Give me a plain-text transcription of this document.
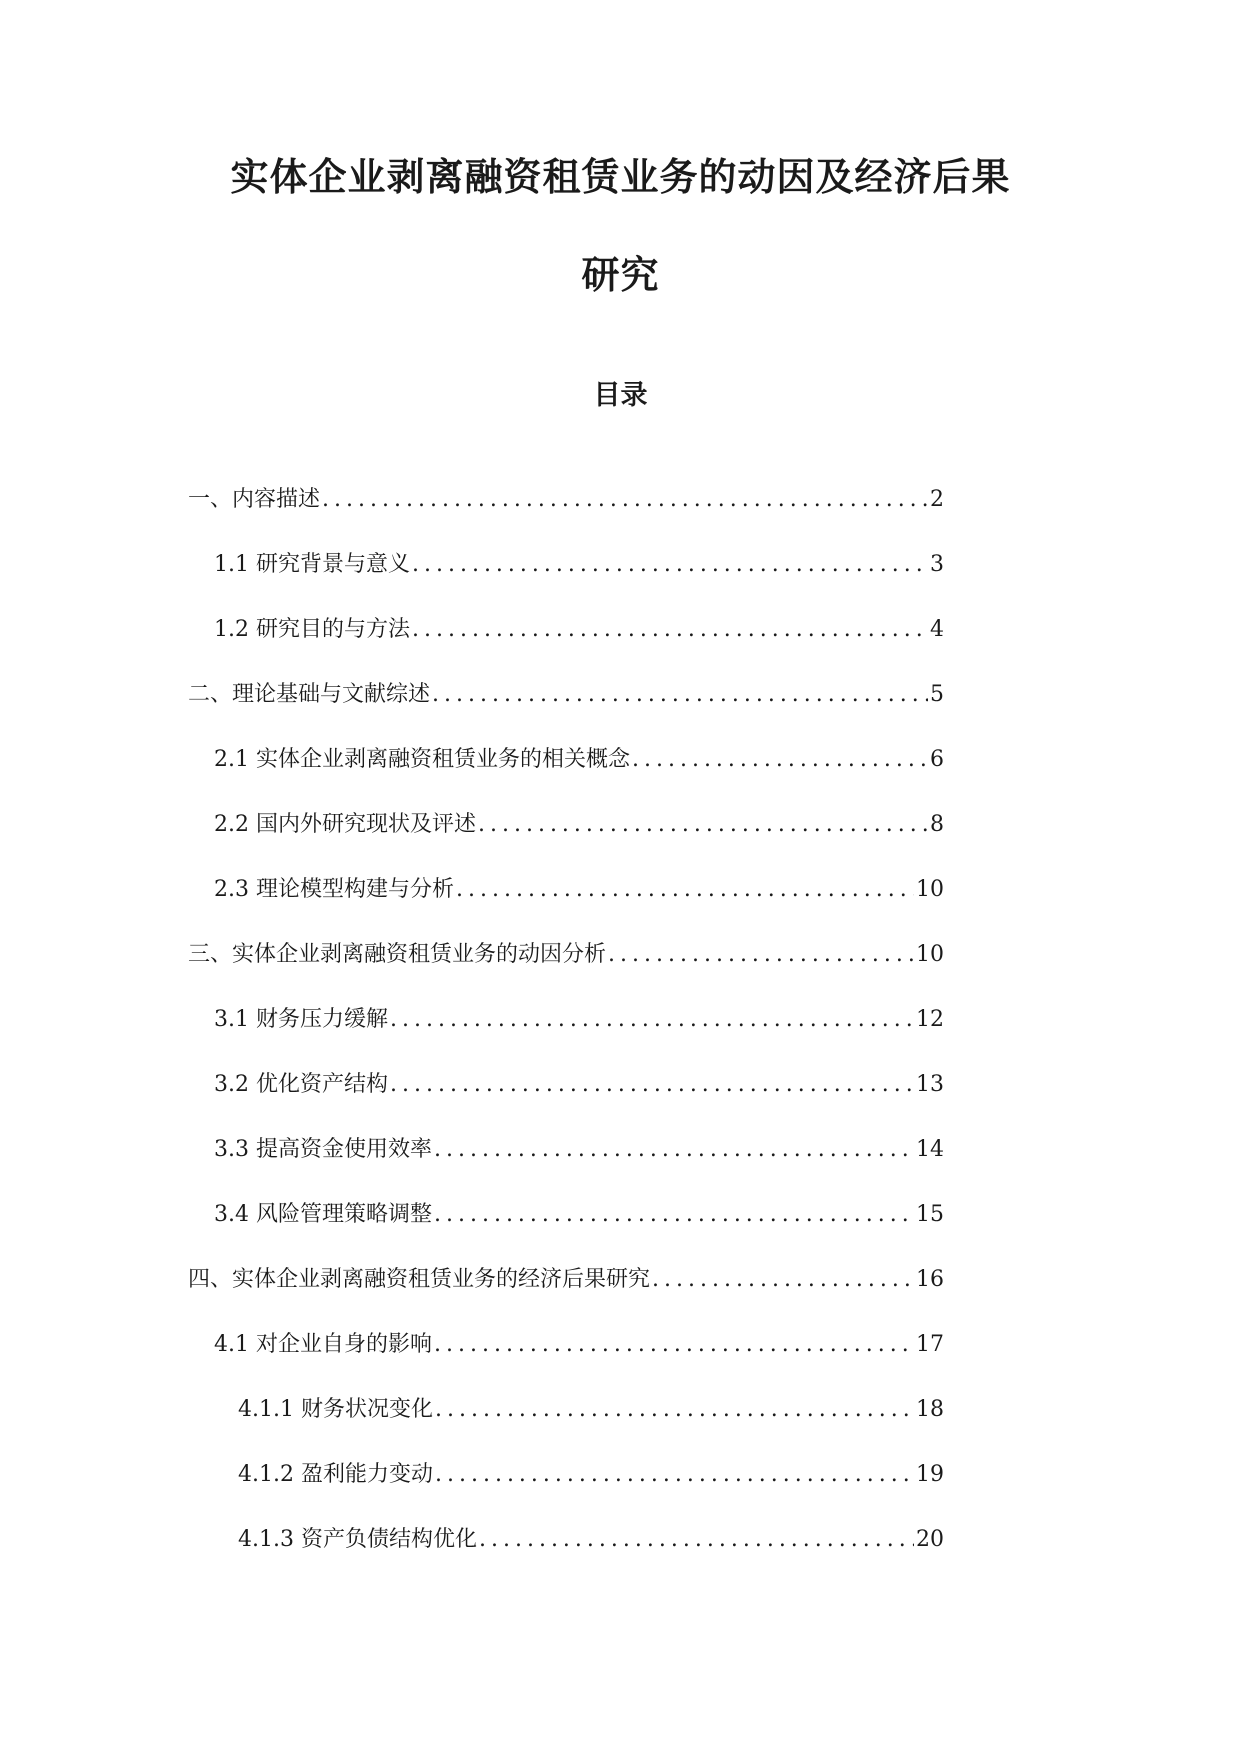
实体企业剥离融资租赁业务的动因及经济后果
研究
目录
一、内容描述 .....	2
1.1 研究背景与意义 .....	3
1.2 研究目的与方法 .....	4
二、理论基础与文献综述 .....	5
2.1 实体企业剥离融资租赁业务的相关概念 .....	6
2.2 国内外研究现状及评述 .....	8
2.3 理论模型构建与分析 .....	10
三、实体企业剥离融资租赁业务的动因分析 .....	10
3.1 财务压力缓解 .....	12
3.2 优化资产结构 .....	13
3.3 提高资金使用效率 .....	14
3.4 风险管理策略调整 .....	15
四、实体企业剥离融资租赁业务的经济后果研究 .....	16
4.1 对企业自身的影响 .....	17
4.1.1 财务状况变化 .....	18
4.1.2 盈利能力变动 .....	19
4.1.3 资产负债结构优化 .....	20
